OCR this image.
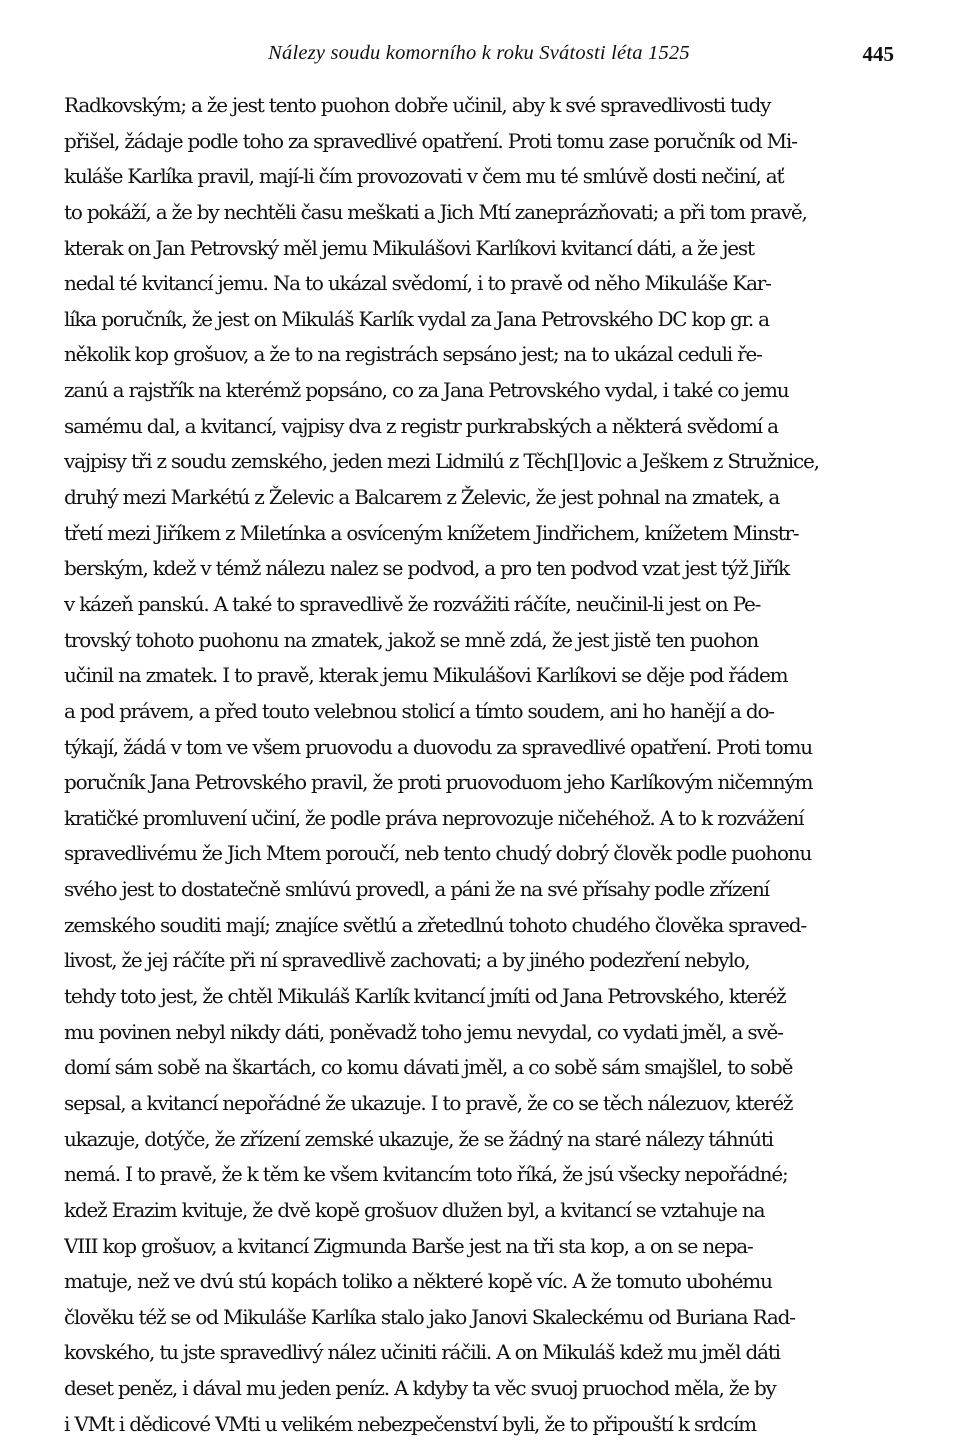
Nálezy soudu komorního k roku Svátosti léta 1525	445
Radkovským; a že jest tento puohon dobře učinil, aby k své spravedlivosti tudy
přišel, žádaje podle toho za spravedlivé opatření. Proti tomu zase poručník od Mi-
kuláše Karlíka pravil, mají-li čím provozovati v čem mu té smlúvě dosti nečiní, ať
to pokáží, a že by nechtěli času meškati a Jich Mtí zaneprázňovati; a při tom pravě,
kterak on Jan Petrovský měl jemu Mikulášovi Karlíkovi kvitancí dáti, a že jest
nedal té kvitancí jemu. Na to ukázal svědomí, i to pravě od něho Mikuláše Kar-
líka poručník, že jest on Mikuláš Karlík vydal za Jana Petrovského DC kop gr. a
několik kop grošuov, a že to na registrách sepsáno jest; na to ukázal ceduli ře-
zanú a rajstřík na kterémž popsáno, co za Jana Petrovského vydal, i také co jemu
samému dal, a kvitancí, vajpisy dva z registr purkrabských a některá svědomí a
vajpisy tři z soudu zemského, jeden mezi Lidmilú z Těch[l]ovic a Ješkem z Stružnice,
druhý mezi Markétú z Želevic a Balcarem z Želevic, že jest pohnal na zmatek, a
třetí mezi Jiříkem z Miletínka a osvíceným knížetem Jindřichem, knížetem Minstr-
berským, kdež v témž nálezu nalez se podvod, a pro ten podvod vzat jest týž Jiřík
v kázeň panskú. A také to spravedlivě že rozvážiti ráčíte, neučinil-li jest on Pe-
trovský tohoto puohonu na zmatek, jakož se mně zdá, že jest jistě ten puohon
učinil na zmatek. I to pravě, kterak jemu Mikulášovi Karlíkovi se děje pod řádem
a pod právem, a před touto velebnou stolicí a tímto soudem, ani ho hanějí a do-
týkají, žádá v tom ve všem pruovodu a duovodu za spravedlivé opatření. Proti tomu
poručník Jana Petrovského pravil, že proti pruovoduom jeho Karlíkovým ničemným
kratičké promluvení učiní, že podle práva neprovozuje ničehéhož. A to k rozvážení
spravedlivému že Jich Mtem poroučí, neb tento chudý dobrý člověk podle puohonu
svého jest to dostatečně smlúvú provedl, a páni že na své přísahy podle zřízení
zemského souditi mají; znajíce světlú a zřetedlnú tohoto chudého člověka spraved-
livost, že jej ráčíte při ní spravedlivě zachovati; a by jiného podezření nebylo,
tehdy toto jest, že chtěl Mikuláš Karlík kvitancí jmíti od Jana Petrovského, kteréž
mu povinen nebyl nikdy dáti, poněvadž toho jemu nevydal, co vydati jměl, a svě-
domí sám sobě na škartách, co komu dávati jměl, a co sobě sám smajšlel, to sobě
sepsal, a kvitancí nepořádné že ukazuje. I to pravě, že co se těch nálezuov, kteréž
ukazuje, dotýče, že zřízení zemské ukazuje, že se žádný na staré nálezy táhnúti
nemá. I to pravě, že k těm ke všem kvitancím toto říká, že jsú všecky nepořádné;
kdež Erazim kvituje, že dvě kopě grošuov dlužen byl, a kvitancí se vztahuje na
VIII kop grošuov, a kvitancí Zigmunda Barše jest na tři sta kop, a on se nepa-
matuje, než ve dvú stú kopách toliko a některé kopě víc. A že tomuto ubohému
člověku též se od Mikuláše Karlíka stalo jako Janovi Skaleckému od Buriana Rad-
kovského, tu jste spravedlivý nález učiniti ráčili. A on Mikuláš kdež mu jměl dáti
deset peněz, i dával mu jeden peníz. A kdyby ta věc svuoj pruochod měla, že by
i VMt i dědicové VMti u velikém nebezpečenství byli, že to připouští k srdcím
